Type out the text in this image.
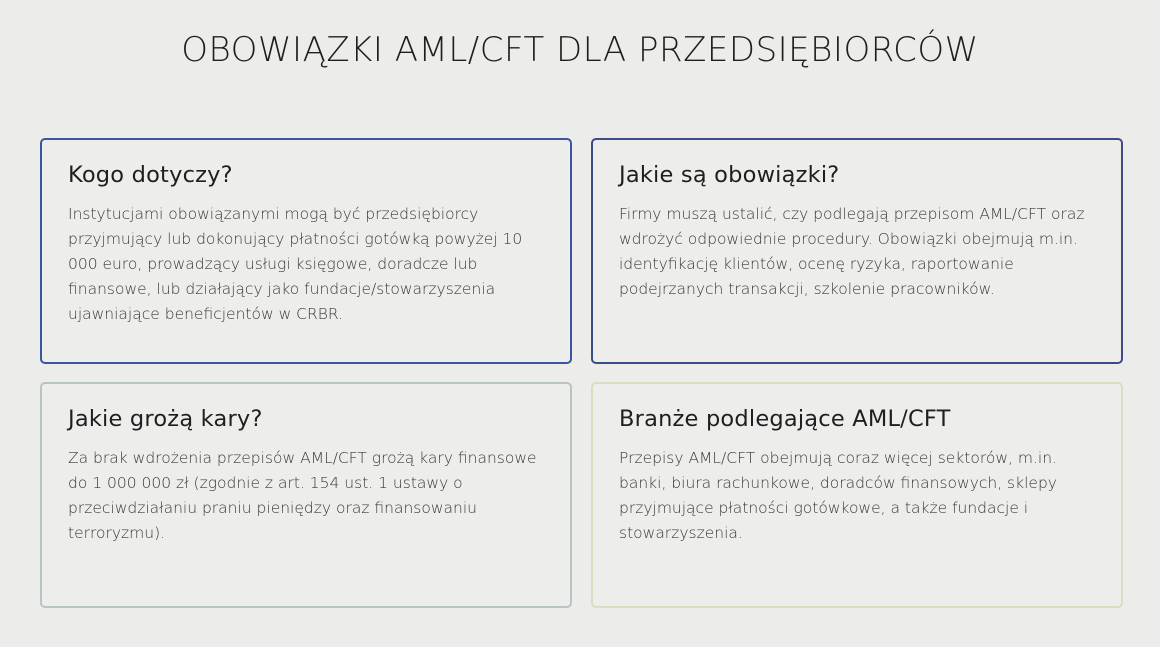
OBOWIĄZKI AML/CFT DLA PRZEDSIĘBIORCÓW
Kogo dotyczy?

Instytucjami obowiązanymi mogą być przedsiębiorcy przyjmujący lub dokonujący płatności gotówką powyżej 10 000 euro, prowadzący usługi księgowe, doradcze lub finansowe, lub działający jako fundacje/stowarzyszenia ujawniające beneficjentów w CRBR.

Jakie są obowiązki?

Firmy muszą ustalić, czy podlegają przepisom AML/CFT oraz wdrożyć odpowiednie procedury. Obowiązki obejmują m.in. identyfikację klientów, ocenę ryzyka, raportowanie podejrzanych transakcji, szkolenie pracowników.

Jakie grożą kary?

Za brak wdrożenia przepisów AML/CFT grożą kary finansowe do 1 000 000 zł (zgodnie z art. 154 ust. 1 ustawy o przeciwdziałaniu praniu pieniędzy oraz finansowaniu terroryzmu).

Branże podlegające AML/CFT

Przepisy AML/CFT obejmują coraz więcej sektorów, m.in. banki, biura rachunkowe, doradców finansowych, sklepy przyjmujące płatności gotówkowe, a także fundacje i stowarzyszenia.
